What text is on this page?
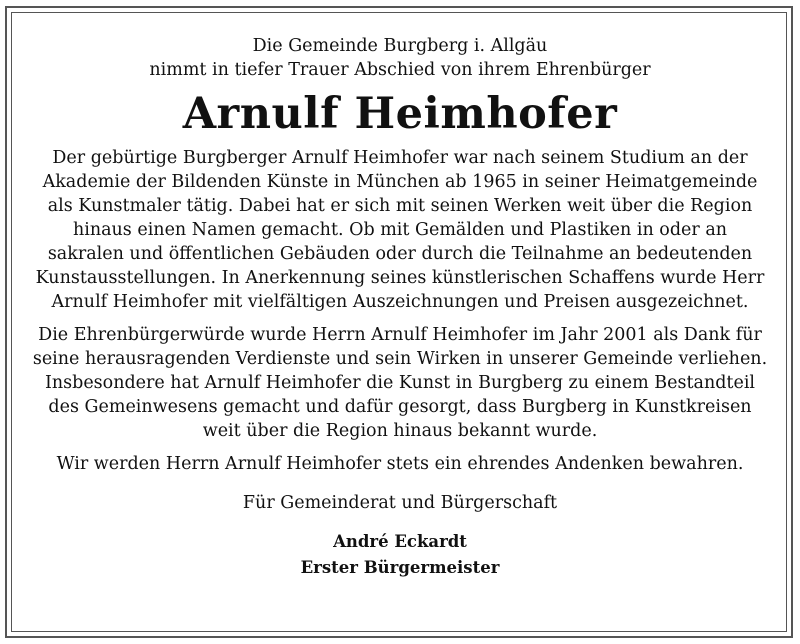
Die Gemeinde Burgberg i. Allgäu
nimmt in tiefer Trauer Abschied von ihrem Ehrenbürger
Arnulf Heimhofer
Der gebürtige Burgberger Arnulf Heimhofer war nach seinem Studium an der
Akademie der Bildenden Künste in München ab 1965 in seiner Heimatgemeinde
als Kunstmaler tätig. Dabei hat er sich mit seinen Werken weit über die Region
hinaus einen Namen gemacht. Ob mit Gemälden und Plastiken in oder an
sakralen und öffentlichen Gebäuden oder durch die Teilnahme an bedeutenden
Kunstausstellungen. In Anerkennung seines künstlerischen Schaffens wurde Herr
Arnulf Heimhofer mit vielfältigen Auszeichnungen und Preisen ausgezeichnet.
Die Ehrenbürgerwürde wurde Herrn Arnulf Heimhofer im Jahr 2001 als Dank für
seine herausragenden Verdienste und sein Wirken in unserer Gemeinde verliehen.
Insbesondere hat Arnulf Heimhofer die Kunst in Burgberg zu einem Bestandteil
des Gemeinwesens gemacht und dafür gesorgt, dass Burgberg in Kunstkreisen
weit über die Region hinaus bekannt wurde.
Wir werden Herrn Arnulf Heimhofer stets ein ehrendes Andenken bewahren.
Für Gemeinderat und Bürgerschaft
André Eckardt
Erster Bürgermeister
